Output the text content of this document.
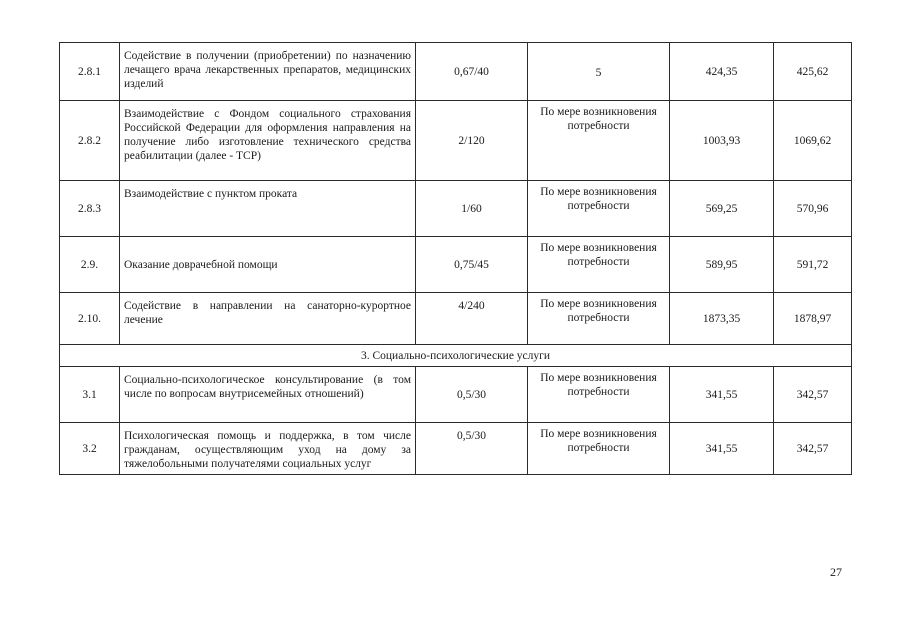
2.8.1	Содействие в получении (приобретении) по назначению лечащего врача лекарственных препаратов, медицинских изделий	0,67/40	5	424,35	425,62
2.8.2	Взаимодействие с Фондом социального страхования Российской Федерации для оформления направления на получение либо изготовление технического средства реабилитации (далее - ТСР)	2/120	По мере возникновения потребности	1003,93	1069,62
2.8.3	Взаимодействие с пунктом проката	1/60	По мере возникновения потребности	569,25	570,96
2.9.	Оказание доврачебной помощи	0,75/45	По мере возникновения потребности	589,95	591,72
2.10.	Содействие в направлении на санаторно-курортное лечение	4/240	По мере возникновения потребности	1873,35	1878,97
3. Социально-психологические услуги					
3.1	Социально-психологическое консультирование (в том числе по вопросам внутрисемейных отношений)	0,5/30	По мере возникновения потребности	341,55	342,57
3.2	Психологическая помощь и поддержка, в том числе гражданам, осуществляющим уход на дому за тяжелобольными получателями социальных услуг	0,5/30	По мере возникновения потребности	341,55	342,57
27
